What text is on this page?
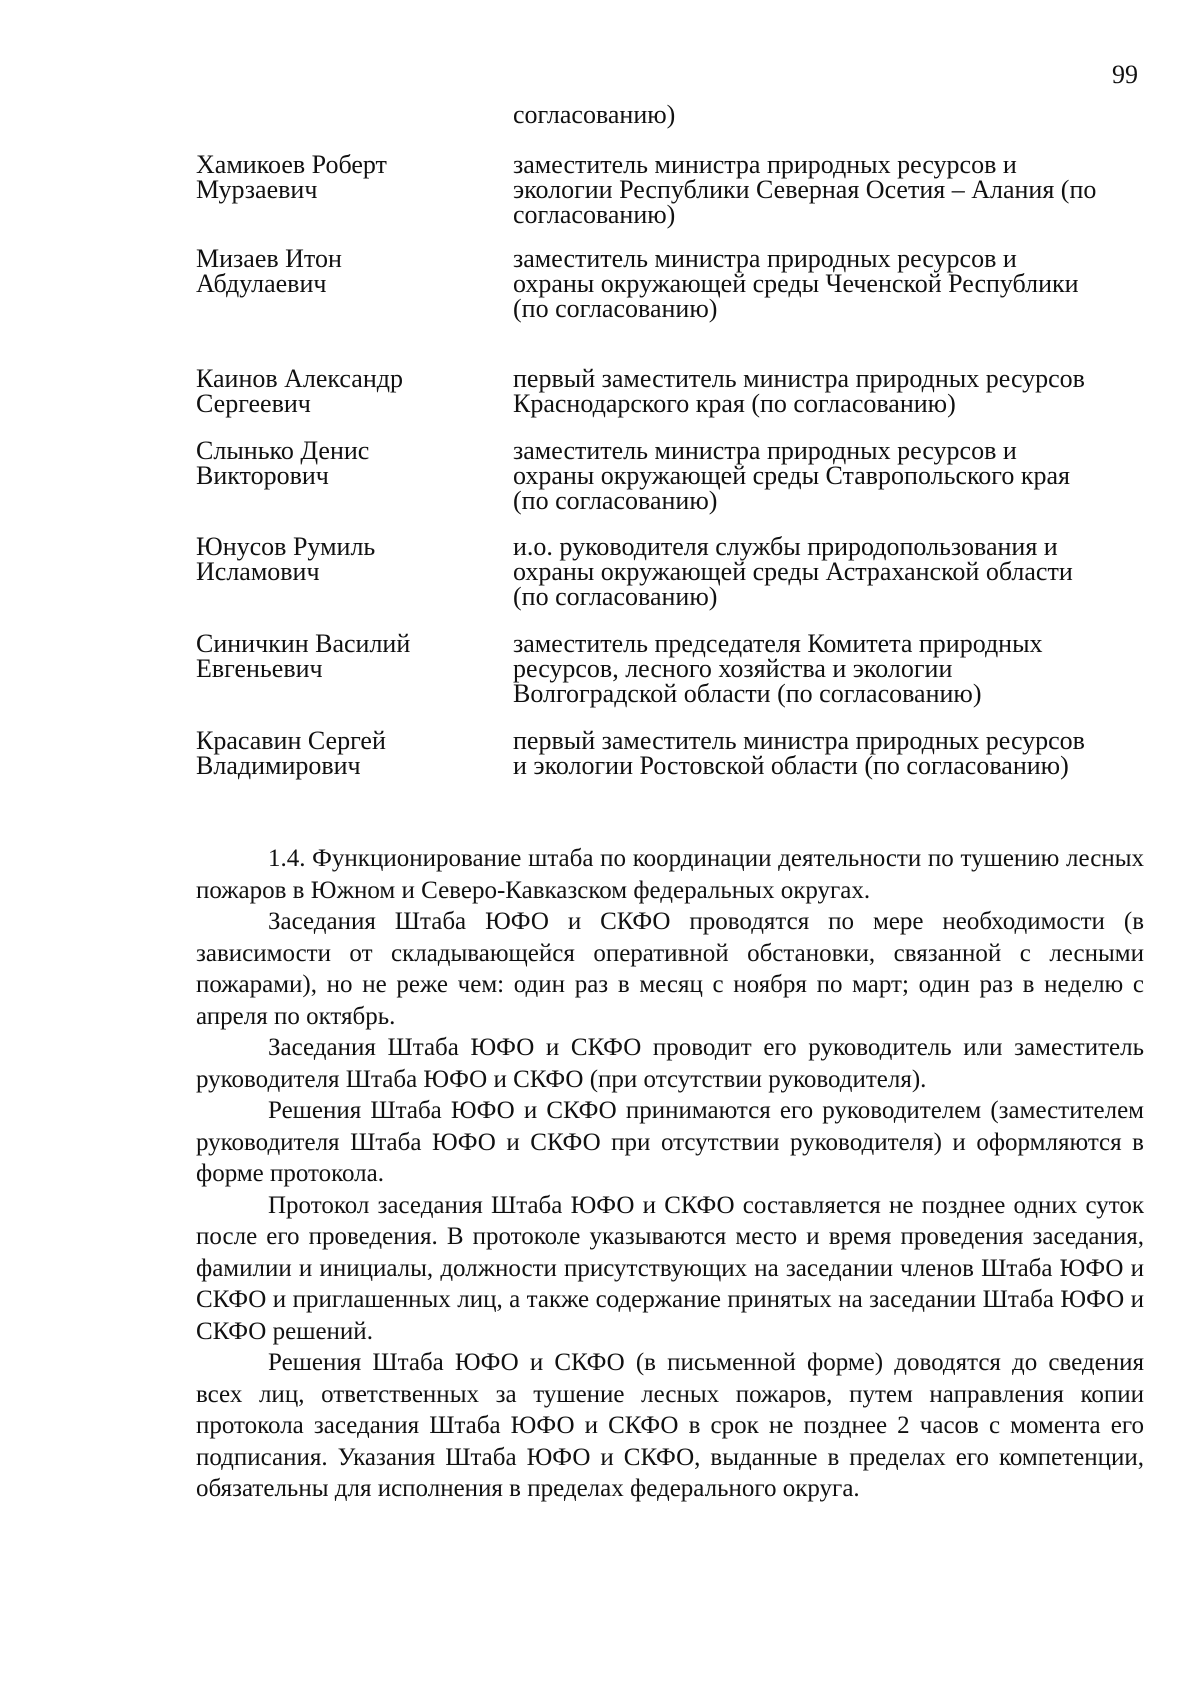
99
согласованию)
Хамикоев Роберт
Мурзаевич
заместитель министра природных ресурсов и
экологии Республики Северная Осетия – Алания (по
согласованию)
Мизаев Итон
Абдулаевич
заместитель министра природных ресурсов и
охраны окружающей среды Чеченской Республики
(по согласованию)
Каинов Александр
Сергеевич
первый заместитель министра природных ресурсов
Краснодарского края (по согласованию)
Слынько Денис
Викторович
заместитель министра природных ресурсов и
охраны окружающей среды Ставропольского края
(по согласованию)
Юнусов Румиль
Исламович
и.о. руководителя службы природопользования и
охраны окружающей среды Астраханской области
(по согласованию)
Синичкин Василий
Евгеньевич
заместитель председателя Комитета природных
ресурсов, лесного хозяйства и экологии
Волгоградской области (по согласованию)
Красавин Сергей
Владимирович
первый заместитель министра природных ресурсов
и экологии Ростовской области (по согласованию)

1.4. Функционирование штаба по координации деятельности по тушению лесных пожаров в Южном и Северо-Кавказском федеральных округах.

Заседания Штаба ЮФО и СКФО проводятся по мере необходимости (в зависимости от складывающейся оперативной обстановки, связанной с лесными пожарами), но не реже чем: один раз в месяц с ноября по март; один раз в неделю с апреля по октябрь.

Заседания Штаба ЮФО и СКФО проводит его руководитель или заместитель руководителя Штаба ЮФО и СКФО (при отсутствии руководителя).

Решения Штаба ЮФО и СКФО принимаются его руководителем (заместителем руководителя Штаба ЮФО и СКФО при отсутствии руководителя) и оформляются в форме протокола.

Протокол заседания Штаба ЮФО и СКФО составляется не позднее одних суток после его проведения. В протоколе указываются место и время проведения заседания, фамилии и инициалы, должности присутствующих на заседании членов Штаба ЮФО и СКФО и приглашенных лиц, а также содержание принятых на заседании Штаба ЮФО и СКФО решений.

Решения Штаба ЮФО и СКФО (в письменной форме) доводятся до сведения всех лиц, ответственных за тушение лесных пожаров, путем направления копии протокола заседания Штаба ЮФО и СКФО в срок не позднее 2 часов с момента его подписания. Указания Штаба ЮФО и СКФО, выданные в пределах его компетенции, обязательны для исполнения в пределах федерального округа.
